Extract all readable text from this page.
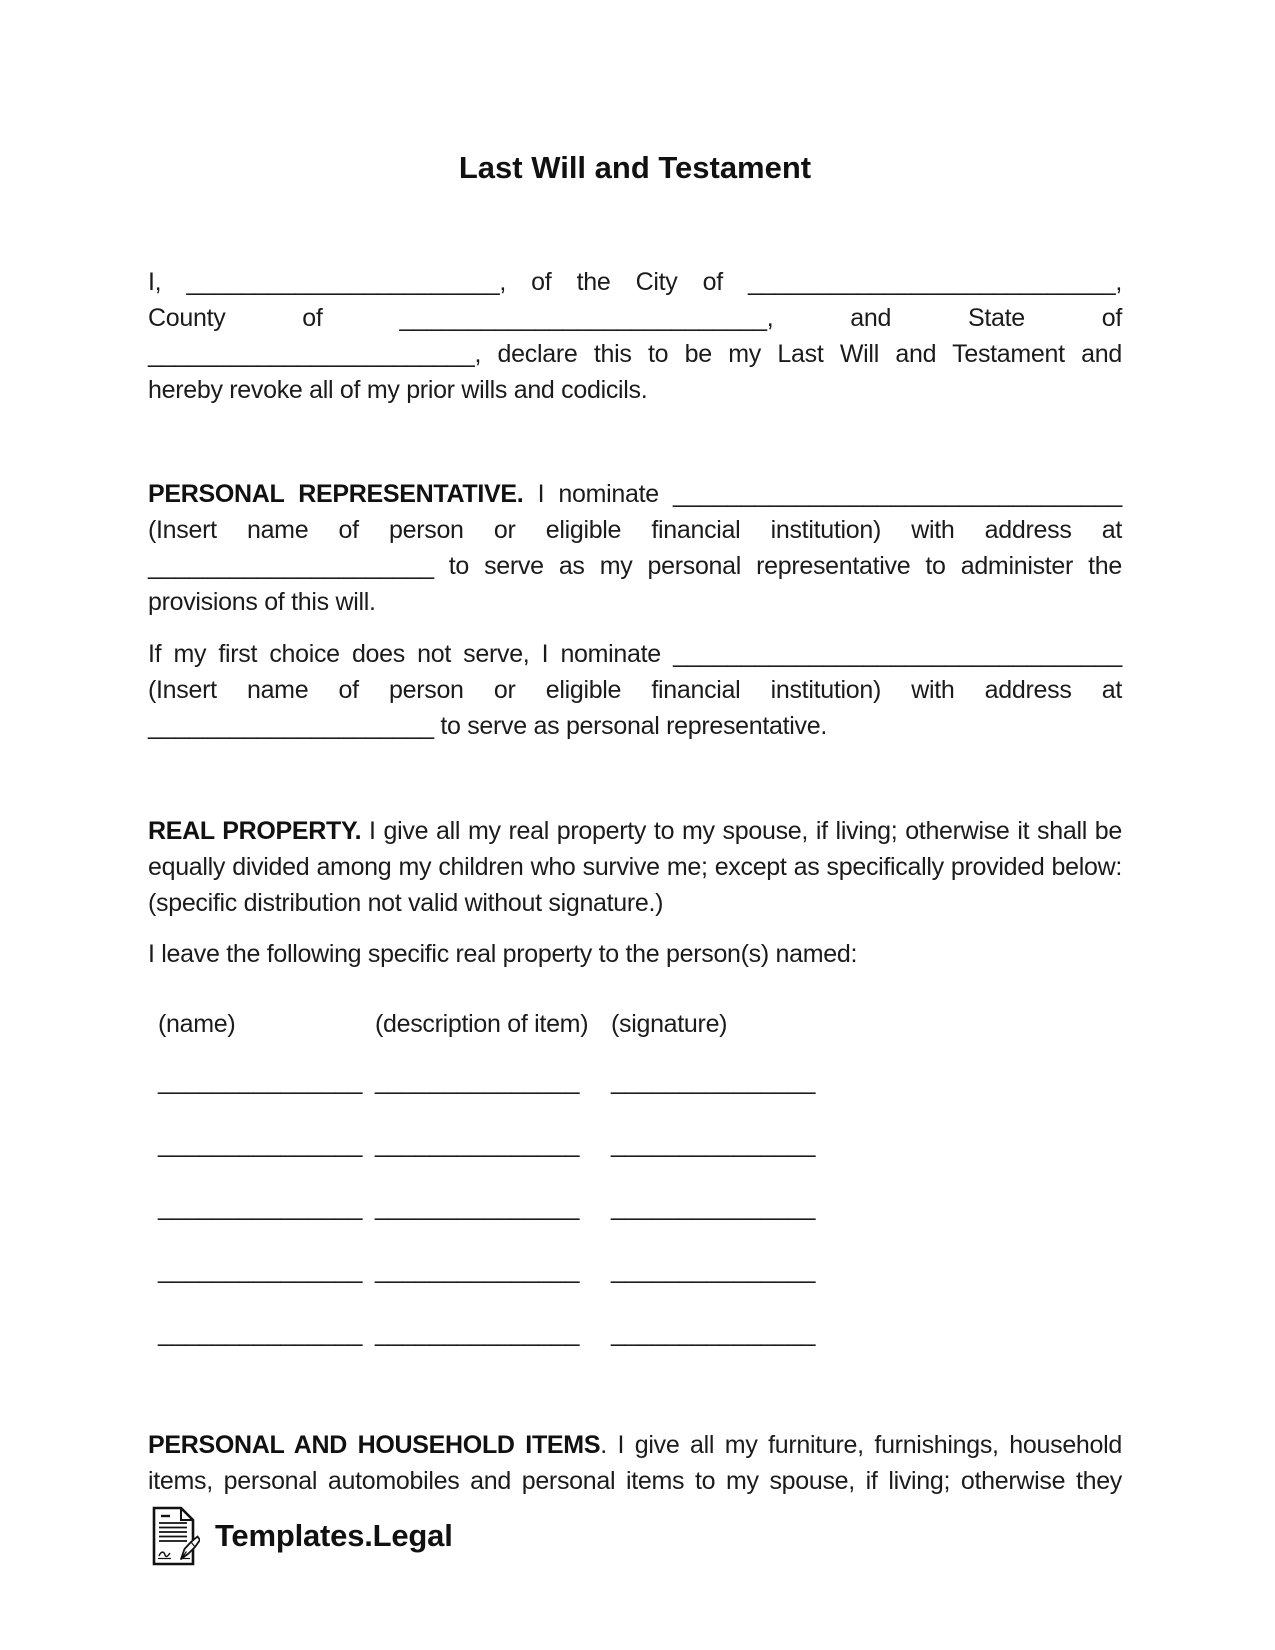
Last Will and Testament
I, _______________________, of the City of ___________________________,
County of ___________________________, and State of
________________________, declare this to be my Last Will and Testament and
hereby revoke all of my prior wills and codicils.
PERSONAL REPRESENTATIVE. I nominate _________________________________
(Insert name of person or eligible financial institution) with address at
_____________________ to serve as my personal representative to administer the
provisions of this will.
If my first choice does not serve, I nominate _________________________________
(Insert name of person or eligible financial institution) with address at
_____________________ to serve as personal representative.
REAL PROPERTY. I give all my real property to my spouse, if living; otherwise it shall be
equally divided among my children who survive me; except as specifically provided below:
(specific distribution not valid without signature.)
I leave the following specific real property to the person(s) named:
(name)	(description of item) (signature)
_______________ _______________ _______________
_______________ _______________ _______________
_______________ _______________ _______________
_______________ _______________ _______________
_______________ _______________ _______________
PERSONAL AND HOUSEHOLD ITEMS. I give all my furniture, furnishings, household
items, personal automobiles and personal items to my spouse, if living; otherwise they
Templates.Legal
